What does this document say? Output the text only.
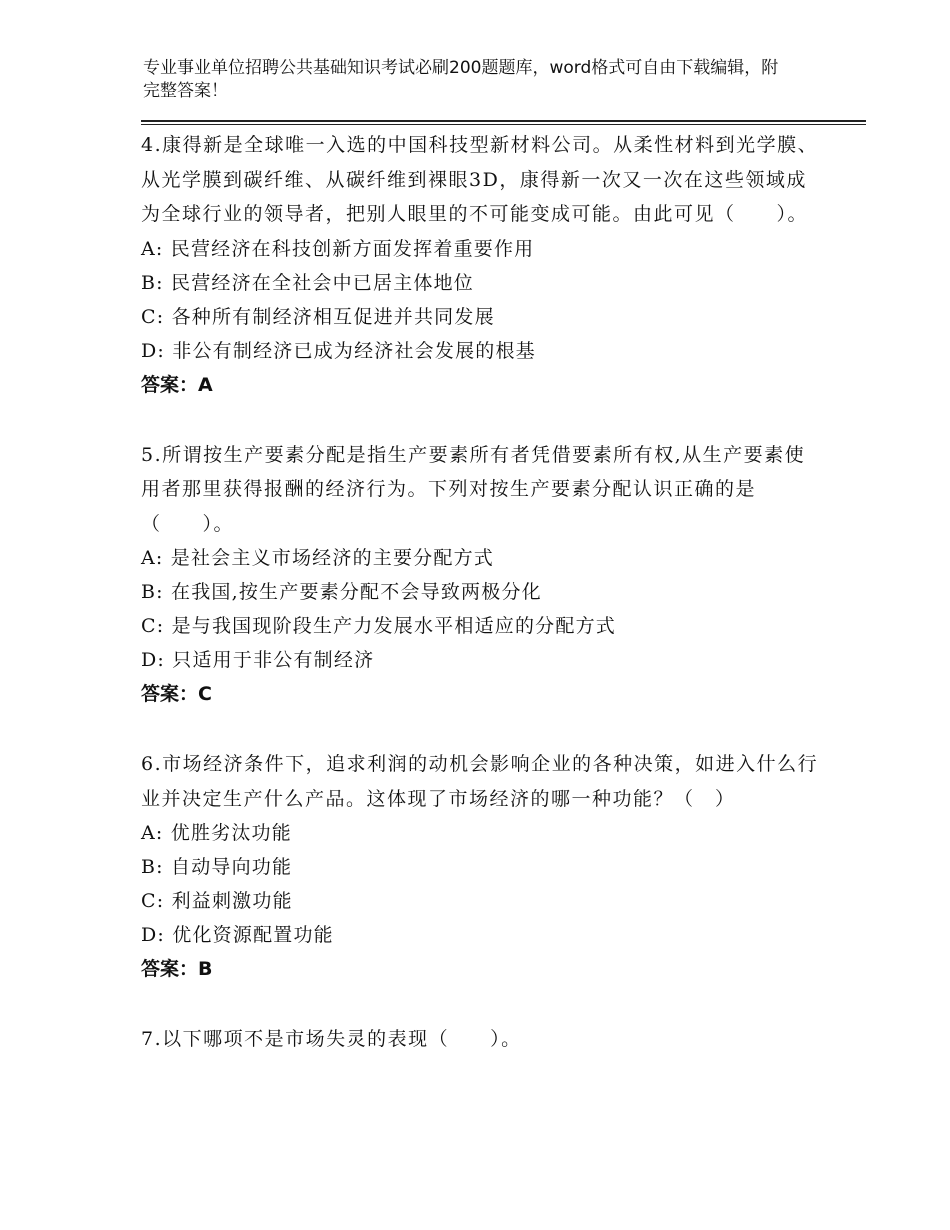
专业事业单位招聘公共基础知识考试必刷200题题库，word格式可自由下载编辑，附完整答案！

4.康得新是全球唯一入选的中国科技型新材料公司。从柔性材料到光学膜、从光学膜到碳纤维、从碳纤维到裸眼3D，康得新一次又一次在这些领域成为全球行业的领导者，把别人眼里的不可能变成可能。由此可见（　　）。

A: 民营经济在科技创新方面发挥着重要作用

B: 民营经济在全社会中已居主体地位

C: 各种所有制经济相互促进并共同发展

D: 非公有制经济已成为经济社会发展的根基

答案：A

5.所谓按生产要素分配是指生产要素所有者凭借要素所有权,从生产要素使用者那里获得报酬的经济行为。下列对按生产要素分配认识正确的是（　　）。

A: 是社会主义市场经济的主要分配方式

B: 在我国,按生产要素分配不会导致两极分化

C: 是与我国现阶段生产力发展水平相适应的分配方式

D: 只适用于非公有制经济

答案：C

6.市场经济条件下，追求利润的动机会影响企业的各种决策，如进入什么行业并决定生产什么产品。这体现了市场经济的哪一种功能？（　）

A: 优胜劣汰功能

B: 自动导向功能

C: 利益刺激功能

D: 优化资源配置功能

答案：B

7.以下哪项不是市场失灵的表现（　　）。
